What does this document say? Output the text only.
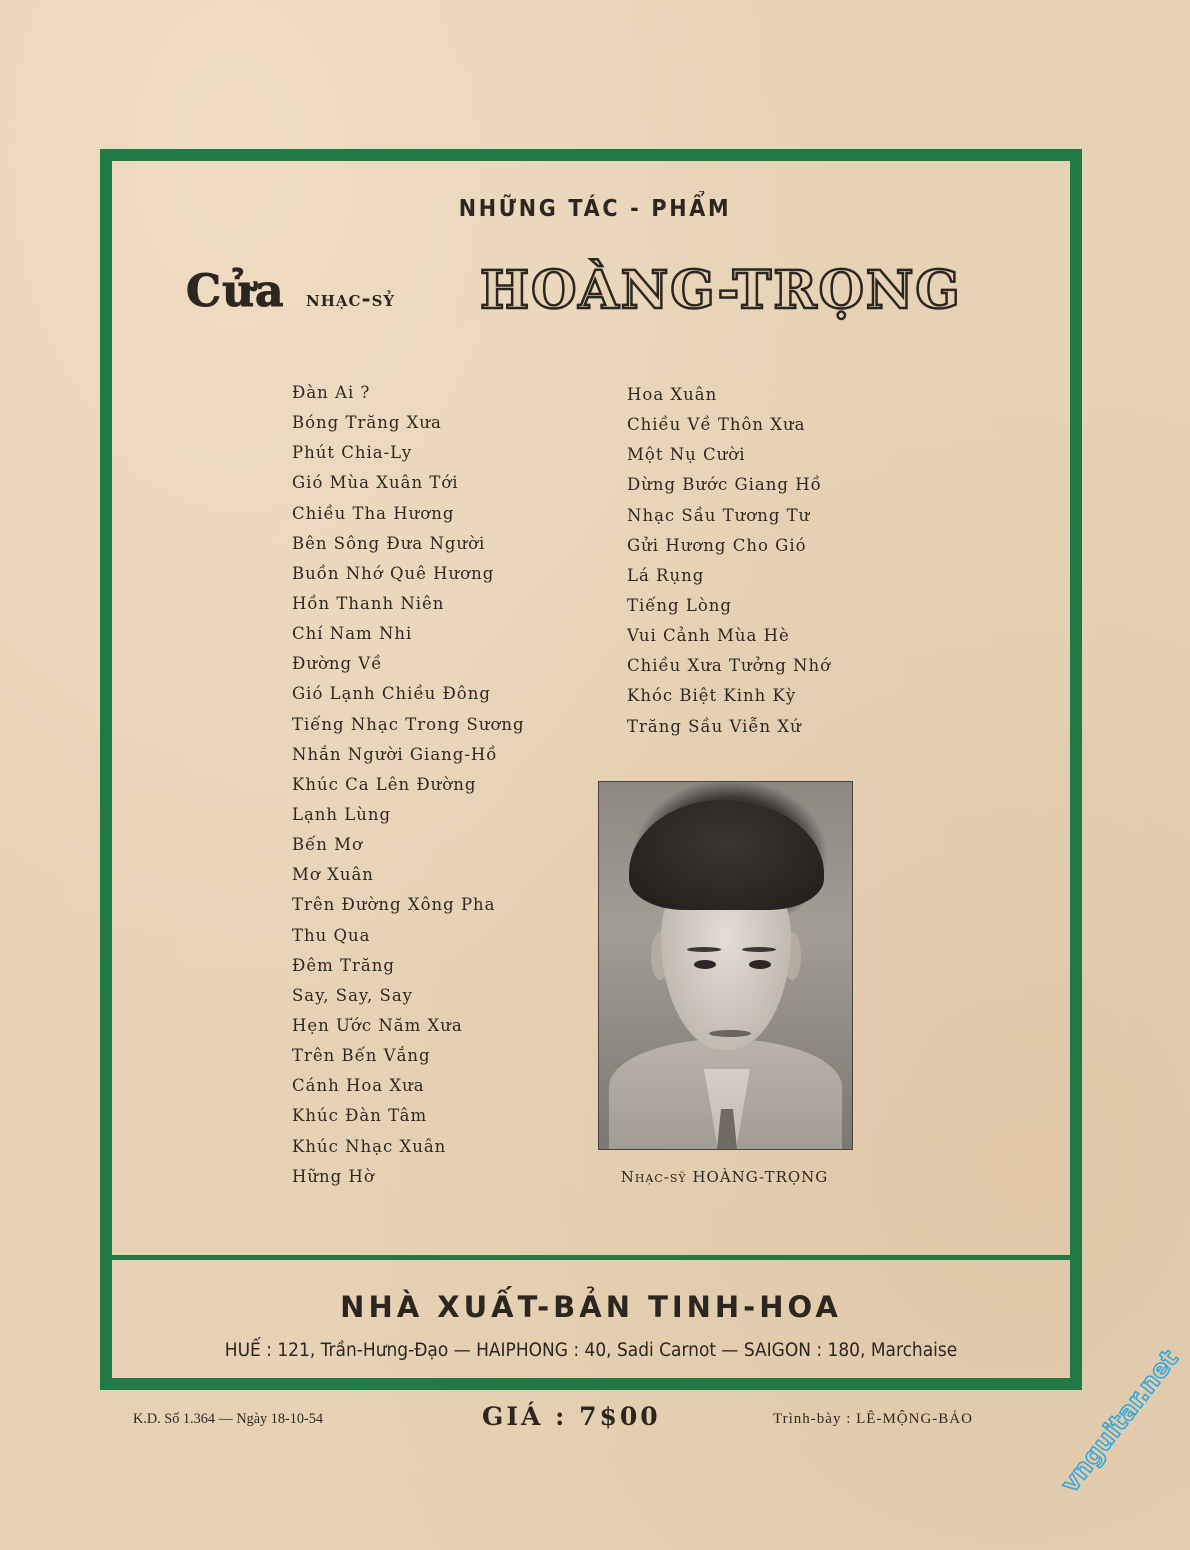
NHỮNG TÁC - PHẨM
Cửa nhạc-sỷ HOÀNG-TRỌNG
Đàn Ai ?
Bóng Trăng Xưa
Phút Chia-Ly
Gió Mùa Xuân Tới
Chiều Tha Hương
Bên Sông Đưa Người
Buồn Nhớ Quê Hương
Hồn Thanh Niên
Chí Nam Nhi
Đường Về
Gió Lạnh Chiều Đông
Tiếng Nhạc Trong Sương
Nhắn Người Giang-Hồ
Khúc Ca Lên Đường
Lạnh Lùng
Bến Mơ
Mơ Xuân
Trên Đường Xông Pha
Thu Qua
Đêm Trăng
Say, Say, Say
Hẹn Ước Năm Xưa
Trên Bến Vắng
Cánh Hoa Xưa
Khúc Đàn Tâm
Khúc Nhạc Xuân
Hững Hờ
Hoa Xuân
Chiều Về Thôn Xưa
Một Nụ Cười
Dừng Bước Giang Hồ
Nhạc Sầu Tương Tư
Gửi Hương Cho Gió
Lá Rụng
Tiếng Lòng
Vui Cảnh Mùa Hè
Chiều Xưa Tưởng Nhớ
Khóc Biệt Kinh Kỳ
Trăng Sầu Viễn Xứ
Nhạc-sỹ HOÀNG-TRỌNG
NHÀ XUẤT-BẢN TINH-HOA
HUẾ : 121, Trần-Hưng-Đạo — HAIPHONG : 40, Sadi Carnot — SAIGON : 180, Marchaise
K.D. Số 1.364 — Ngày 18-10-54	GIÁ : 7$00	Trình-bày : LÊ-MỘNG-BẢO	vnguitar.net
